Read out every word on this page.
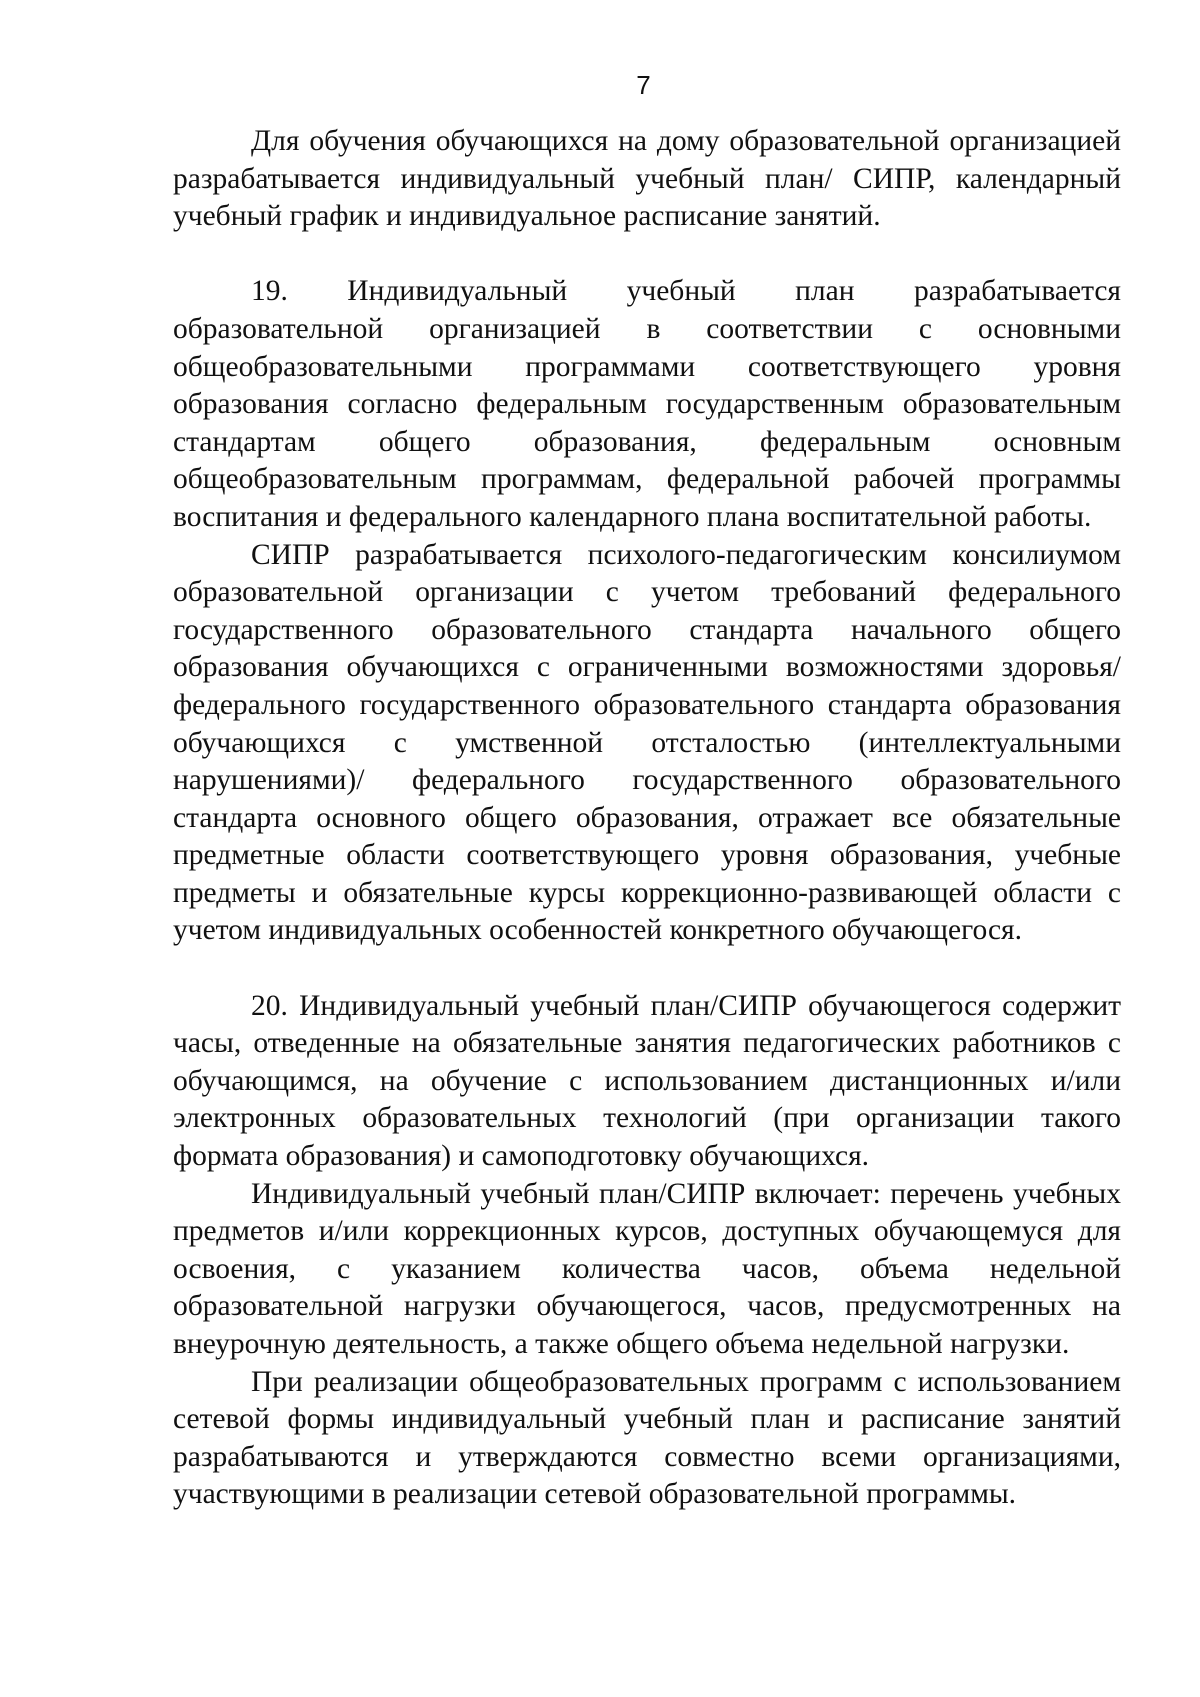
7

Для обучения обучающихся на дому образовательной организацией разрабатывается индивидуальный учебный план/ СИПР, календарный учебный график и индивидуальное расписание занятий.

19. Индивидуальный учебный план разрабатывается образовательной организацией в соответствии с основными общеобразовательными программами соответствующего уровня образования согласно федеральным государственным образовательным стандартам общего образования, федеральным основным общеобразовательным программам, федеральной рабочей программы воспитания и федерального календарного плана воспитательной работы.

СИПР разрабатывается психолого-педагогическим консилиумом образовательной организации с учетом требований федерального государственного образовательного стандарта начального общего образования обучающихся с ограниченными возможностями здоровья/ федерального государственного образовательного стандарта образования обучающихся с умственной отсталостью (интеллектуальными нарушениями)/ федерального государственного образовательного стандарта основного общего образования, отражает все обязательные предметные области соответствующего уровня образования, учебные предметы и обязательные курсы коррекционно-развивающей области с учетом индивидуальных особенностей конкретного обучающегося.

20. Индивидуальный учебный план/СИПР обучающегося содержит часы, отведенные на обязательные занятия педагогических работников с обучающимся, на обучение с использованием дистанционных и/или электронных образовательных технологий (при организации такого формата образования) и самоподготовку обучающихся.

Индивидуальный учебный план/СИПР включает: перечень учебных предметов и/или коррекционных курсов, доступных обучающемуся для освоения, с указанием количества часов, объема недельной образовательной нагрузки обучающегося, часов, предусмотренных на внеурочную деятельность, а также общего объема недельной нагрузки.

При реализации общеобразовательных программ с использованием сетевой формы индивидуальный учебный план и расписание занятий разрабатываются и утверждаются совместно всеми организациями, участвующими в реализации сетевой образовательной программы.
